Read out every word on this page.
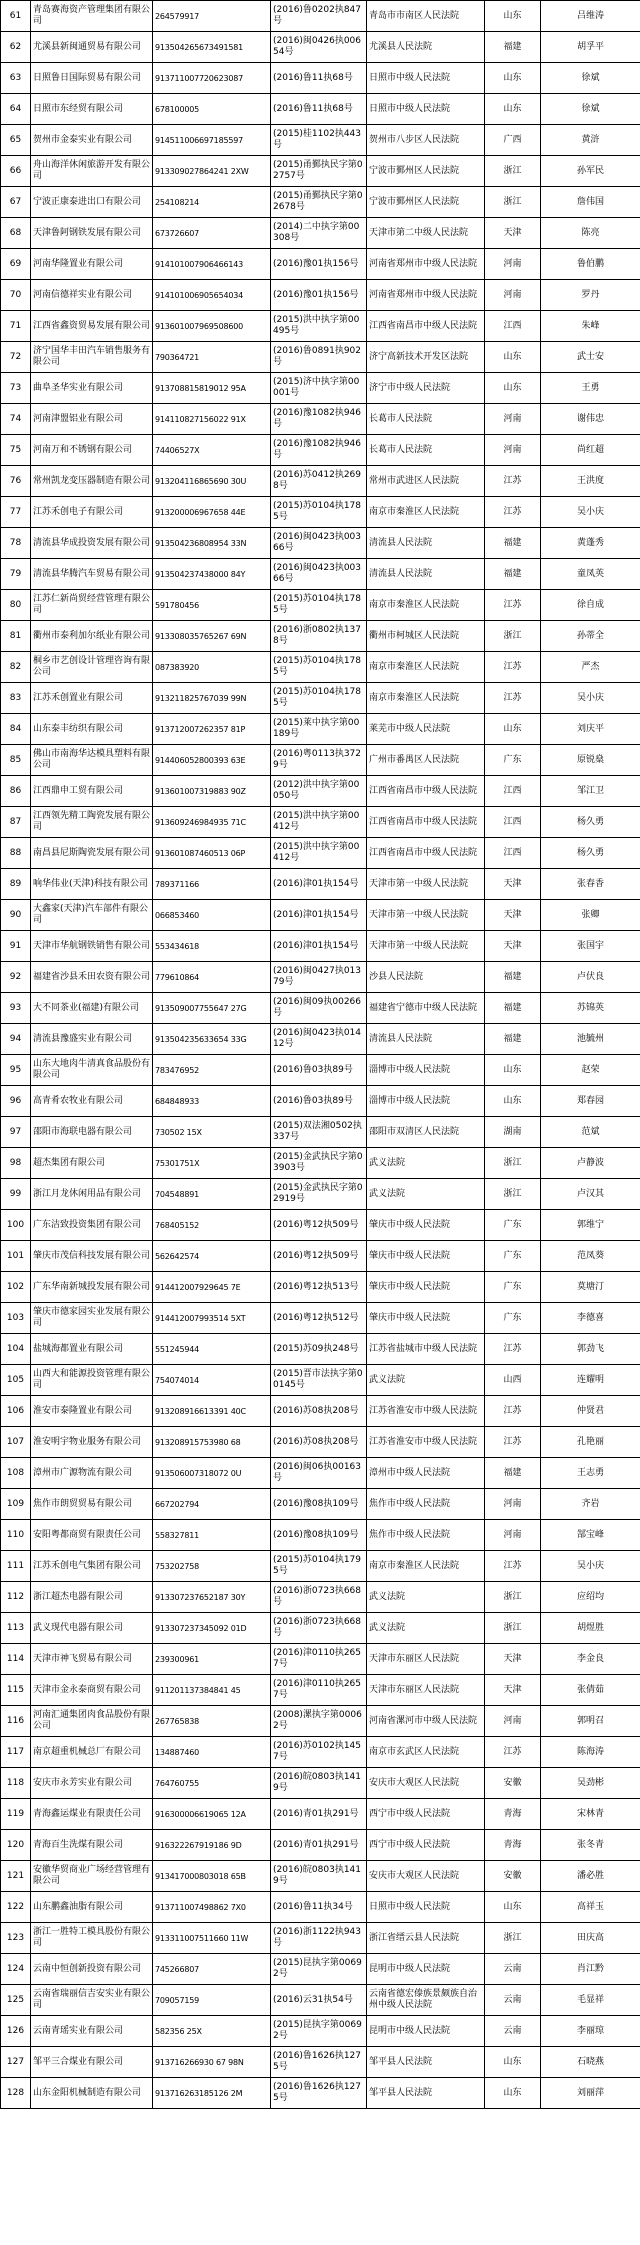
61	青岛赛海资产管理集团有限公司	264579917	(2016)鲁0202执847号	青岛市市南区人民法院	山东	吕维涛
62	尤溪县新闽通贸易有限公司	913504265673491581	(2016)闽0426执00654号	尤溪县人民法院	福建	胡孚平
63	日照鲁日国际贸易有限公司	913711007720623087	(2016)鲁11执68号	日照市中级人民法院	山东	徐斌
64	日照市东经贸有限公司	678100005	(2016)鲁11执68号	日照市中级人民法院	山东	徐斌
65	贺州市金泰实业有限公司	914511006697185597	(2015)桂1102执443号	贺州市八步区人民法院	广西	黄浒
66	舟山海洋休闲旅游开发有限公司	913309027864241 2XW	(2015)甬鄞执民字第02757号	宁波市鄞州区人民法院	浙江	孙军民
67	宁波正康泰进出口有限公司	254108214	(2015)甬鄞执民字第02678号	宁波市鄞州区人民法院	浙江	詹伟国
68	天津鲁阿钢铁发展有限公司	673726607	(2014)二中执字第00308号	天津市第二中级人民法院	天津	陈亮
69	河南华隆置业有限公司	914101007906466143	(2016)豫01执156号	河南省郑州市中级人民法院	河南	鲁伯鹏
70	河南信德祥实业有限公司	914101006905654034	(2016)豫01执156号	河南省郑州市中级人民法院	河南	罗丹
71	江西省鑫资贸易发展有限公司	913601007969508600	(2015)洪中执字第00495号	江西省南昌市中级人民法院	江西	朱峰
72	济宁国华丰田汽车销售服务有限公司	790364721	(2016)鲁0891执902号	济宁高新技术开发区法院	山东	武士安
73	曲阜圣华实业有限公司	913708815819012 95A	(2015)济中执字第00001号	济宁市中级人民法院	山东	王勇
74	河南津盟铝业有限公司	914110827156022 91X	(2016)豫1082执946号	长葛市人民法院	河南	谢伟忠
75	河南万和不锈钢有限公司	74406527X	(2016)豫1082执946号	长葛市人民法院	河南	尚红超
76	常州凯龙变压器制造有限公司	913204116865690 30U	(2016)苏0412执2698号	常州市武进区人民法院	江苏	王洪度
77	江苏禾创电子有限公司	913200006967658 44E	(2015)苏0104执1785号	南京市秦淮区人民法院	江苏	吴小庆
78	清流县华成投资发展有限公司	913504236808954 33N	(2016)闽0423执00366号	清流县人民法院	福建	黄蓬秀
79	清流县华腾汽车贸易有限公司	913504237438000 84Y	(2016)闽0423执00366号	清流县人民法院	福建	童凤英
80	江苏仁新尚贸经营管理有限公司	591780456	(2015)苏0104执1785号	南京市秦淮区人民法院	江苏	徐自成
81	衢州市泰利加尔纸业有限公司	913308035765267 69N	(2016)浙0802执1378号	衢州市柯城区人民法院	浙江	孙蒂全
82	桐乡市艺创设计管理咨询有限公司	087383920	(2015)苏0104执1785号	南京市秦淮区人民法院	江苏	严杰
83	江苏禾创置业有限公司	913211825767039 99N	(2015)苏0104执1785号	南京市秦淮区人民法院	江苏	吴小庆
84	山东泰丰纺织有限公司	913712007262357 81P	(2015)莱中执字第00189号	莱芜市中级人民法院	山东	刘庆平
85	佛山市南海华达模具塑料有限公司	914406052800393 63E	(2016)粤0113执3729号	广州市番禺区人民法院	广东	原锐燊
86	江西鼎申工贸有限公司	913601007319883 90Z	(2012)洪中执字第00050号	江西省南昌市中级人民法院	江西	邹江卫
87	江西领先精工陶瓷发展有限公司	913609246984935 71C	(2015)洪中执字第00412号	江西省南昌市中级人民法院	江西	杨久勇
88	南昌县尼斯陶瓷发展有限公司	913601087460513 06P	(2015)洪中执字第00412号	江西省南昌市中级人民法院	江西	杨久勇
89	响华伟业(天津)科技有限公司	789371166	(2016)津01执154号	天津市第一中级人民法院	天津	张春香
90	大鑫家(天津)汽车部件有限公司	066853460	(2016)津01执154号	天津市第一中级人民法院	天津	张卿
91	天津市华航钢铁销售有限公司	553434618	(2016)津01执154号	天津市第一中级人民法院	天津	张国宇
92	福建省沙县禾田农资有限公司	779610864	(2016)闽0427执01379号	沙县人民法院	福建	卢伏良
93	大不同茶业(福建)有限公司	913509007755647 27G	(2016)闽09执00266号	福建省宁德市中级人民法院	福建	苏锦英
94	清流县豫盛实业有限公司	913504235633654 33G	(2016)闽0423执01412号	清流县人民法院	福建	池毓州
95	山东大地肉牛清真食品股份有限公司	783476952	(2016)鲁03执89号	淄博市中级人民法院	山东	赵荣
96	高青肴农牧业有限公司	684848933	(2016)鲁03执89号	淄博市中级人民法院	山东	郑春园
97	邵阳市海联电器有限公司	730502 15X	(2015)双法湘0502执337号	邵阳市双清区人民法院	湖南	范斌
98	超杰集团有限公司	75301751X	(2015)金武执民字第03903号	武义法院	浙江	卢静波
99	浙江月龙休闲用品有限公司	704548891	(2015)金武执民字第02919号	武义法院	浙江	卢汉其
100	广东洁致投资集团有限公司	768405152	(2016)粤12执509号	肇庆市中级人民法院	广东	郭维宁
101	肇庆市茂信科技发展有限公司	562642574	(2016)粤12执509号	肇庆市中级人民法院	广东	范凤葵
102	广东华南新城投发展有限公司	914412007929645 7E	(2016)粤12执513号	肇庆市中级人民法院	广东	莫塘汀
103	肇庆市德家园实业发展有限公司	914412007993514 5XT	(2016)粤12执512号	肇庆市中级人民法院	广东	李德喜
104	盐城海都置业有限公司	551245944	(2015)苏09执248号	江苏省盐城市中级人民法院	江苏	郭劲飞
105	山西大和能源投资管理有限公司	754074014	(2015)晋市法执字第00145号	武义法院	山西	连耀明
106	淮安市泰隆置业有限公司	913208916613391 40C	(2016)苏08执208号	江苏省淮安市中级人民法院	江苏	仲贤君
107	淮安明宇物业服务有限公司	913208915753980 68	(2016)苏08执208号	江苏省淮安市中级人民法院	江苏	孔艳丽
108	漳州市广源物流有限公司	913506007318072 0U	(2016)闽06执00163号	漳州市中级人民法院	福建	王志勇
109	焦作市朗贸贸易有限公司	667202794	(2016)豫08执109号	焦作市中级人民法院	河南	齐岩
110	安阳粤都商贸有限责任公司	558327811	(2016)豫08执109号	焦作市中级人民法院	河南	郜宝峰
111	江苏禾创电气集团有限公司	753202758	(2015)苏0104执1795号	南京市秦淮区人民法院	江苏	吴小庆
112	浙江超杰电器有限公司	913307237652187 30Y	(2016)浙0723执668号	武义法院	浙江	应绍均
113	武义现代电器有限公司	913307237345092 01D	(2016)浙0723执668号	武义法院	浙江	胡煜胜
114	天津市神飞贸易有限公司	239300961	(2016)津0110执2657号	天津市东丽区人民法院	天津	李金良
115	天津市金永泰商贸有限公司	911201137384841 45	(2016)津0110执2657号	天津市东丽区人民法院	天津	张倩茹
116	河南汇通集团肉食品股份有限公司	267765838	(2008)漯执字第00062号	河南省漯河市中级人民法院	河南	郭明召
117	南京超重机械总厂有限公司	134887460	(2016)苏0102执1457号	南京市玄武区人民法院	江苏	陈海涛
118	安庆市永芳实业有限公司	764760755	(2016)皖0803执1419号	安庆市大观区人民法院	安徽	吴劲彬
119	青海鑫运煤业有限责任公司	916300006619065 12A	(2016)青01执291号	西宁市中级人民法院	青海	宋林青
120	青海百生洗煤有限公司	916322267919186 9D	(2016)青01执291号	西宁市中级人民法院	青海	张冬青
121	安徽华贸商业广场经营管理有限公司	913417000803018 65B	(2016)皖0803执1419号	安庆市大观区人民法院	安徽	潘必胜
122	山东鹏鑫油脂有限公司	913711007498862 7X0	(2016)鲁11执34号	日照市中级人民法院	山东	高祥玉
123	浙江一胜特工模具股份有限公司	913311007511660 11W	(2016)浙1122执943号	浙江省缙云县人民法院	浙江	田庆高
124	云南中恒创新投资有限公司	745266807	(2015)昆执字第00692号	昆明市中级人民法院	云南	肖江黔
125	云南省瑞丽信吉安实业有限公司	709057159	(2016)云31执54号	云南省德宏傣族景颇族自治州中级人民法院	云南	毛显祥
126	云南青瑶实业有限公司	582356 25X	(2015)昆执字第00692号	昆明市中级人民法院	云南	李丽琼
127	邹平三合煤业有限公司	913716266930 67 98N	(2016)鲁1626执1275号	邹平县人民法院	山东	石晓燕
128	山东金阳机械制造有限公司	913716263185126 2M	(2016)鲁1626执1275号	邹平县人民法院	山东	刘丽萍
